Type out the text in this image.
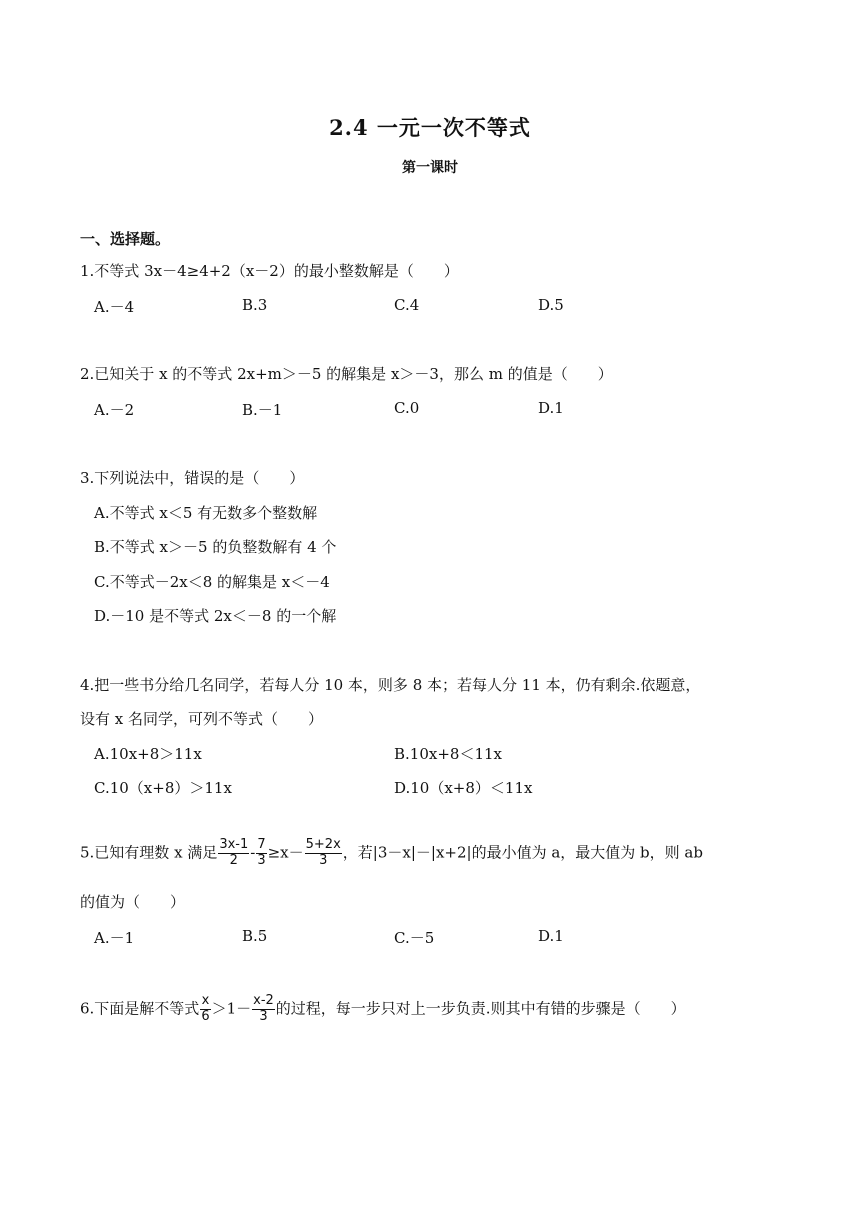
2.4 一元一次不等式
第一课时
一、选择题。
1.不等式 3x－4≥4+2（x－2）的最小整数解是（　　）
A.－4	B.3	C.4	D.5
2.已知关于 x 的不等式 2x+m＞－5 的解集是 x＞－3，那么 m 的值是（　　）
A.－2	B.－1	C.0	D.1
3.下列说法中，错误的是（　　）
A.不等式 x＜5 有无数多个整数解
B.不等式 x＞－5 的负整数解有 4 个
C.不等式－2x＜8 的解集是 x＜－4
D.－10 是不等式 2x＜－8 的一个解
4.把一些书分给几名同学，若每人分 10 本，则多 8 本；若每人分 11 本，仍有剩余.依题意，
设有 x 名同学，可列不等式（　　）
A.10x+8＞11x	B.10x+8＜11x
C.10（x+8）＞11x	D.10（x+8）＜11x
5.已知有理数 x 满足 $\frac{3x-1}{2} - \frac{7}{3} \ge x- \frac{5+2x}{3}$ ，若|3－x|－|x+2|的最小值为 a，最大值为 b，则 ab
的值为（　　）
A.－1	B.5	C.－5	D.1
6.下面是解不等式 $\frac{x}{6} >1- \frac{x-2}{3}$ 的过程，每一步只对上一步负责.则其中有错的步骤是（　　）
